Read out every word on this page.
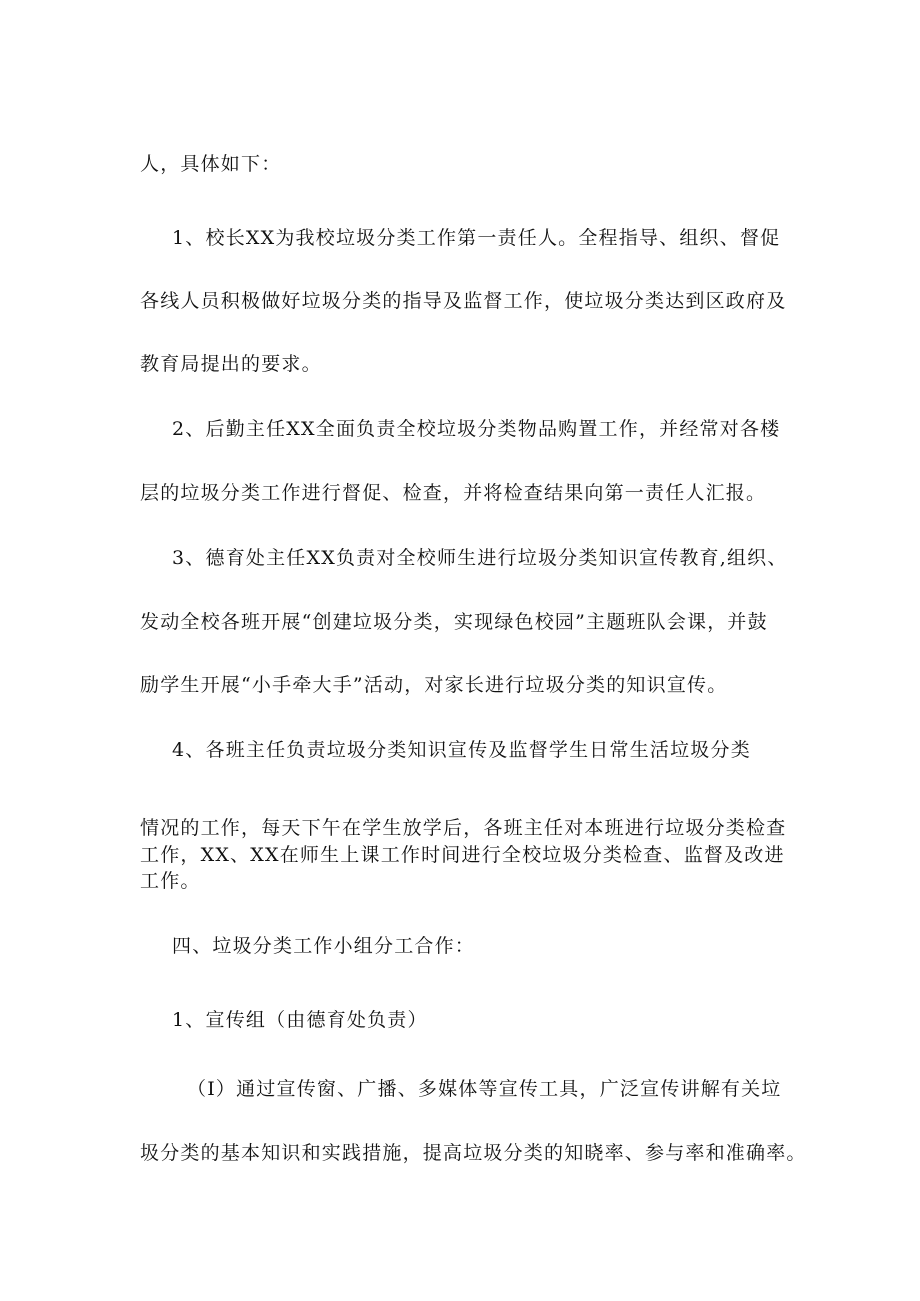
人，具体如下：
1、校长XX为我校垃圾分类工作第一责任人。全程指导、组织、督促
各线人员积极做好垃圾分类的指导及监督工作，使垃圾分类达到区政府及
教育局提出的要求。
2、后勤主任XX全面负责全校垃圾分类物品购置工作，并经常对各楼
层的垃圾分类工作进行督促、检查，并将检查结果向第一责任人汇报。
3、德育处主任XX负责对全校师生进行垃圾分类知识宣传教育,组织、
发动全校各班开展“创建垃圾分类，实现绿色校园”主题班队会课，并鼓
励学生开展“小手牵大手”活动，对家长进行垃圾分类的知识宣传。
4、各班主任负责垃圾分类知识宣传及监督学生日常生活垃圾分类
情况的工作，每天下午在学生放学后，各班主任对本班进行垃圾分类检查
工作，XX、XX在师生上课工作时间进行全校垃圾分类检查、监督及改进
工作。
四、垃圾分类工作小组分工合作：
1、宣传组（由德育处负责）
（I）通过宣传窗、广播、多媒体等宣传工具，广泛宣传讲解有关垃
圾分类的基本知识和实践措施，提高垃圾分类的知晓率、参与率和准确率。
